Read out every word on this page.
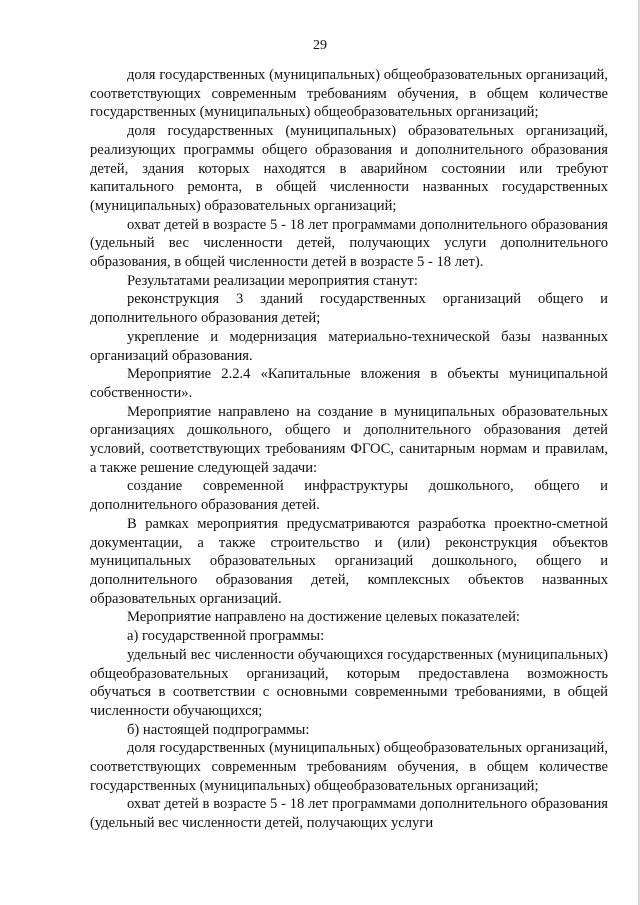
29

доля государственных (муниципальных) общеобразовательных организаций, соответствующих современным требованиям обучения, в общем количестве государственных (муниципальных) общеобразовательных организаций;

доля государственных (муниципальных) образовательных организаций, реализующих программы общего образования и дополнительного образования детей, здания которых находятся в аварийном состоянии или требуют капитального ремонта, в общей численности названных государственных (муниципальных) образовательных организаций;

охват детей в возрасте 5 - 18 лет программами дополнительного образования (удельный вес численности детей, получающих услуги дополнительного образования, в общей численности детей в возрасте 5 - 18 лет).

Результатами реализации мероприятия станут:

реконструкция 3 зданий государственных организаций общего и дополнительного образования детей;

укрепление и модернизация материально-технической базы названных организаций образования.

Мероприятие 2.2.4 «Капитальные вложения в объекты муниципальной собственности».

Мероприятие направлено на создание в муниципальных образовательных организациях дошкольного, общего и дополнительного образования детей условий, соответствующих требованиям ФГОС, санитарным нормам и правилам, а также решение следующей задачи:

создание современной инфраструктуры дошкольного, общего и дополнительного образования детей.

В рамках мероприятия предусматриваются разработка проектно-сметной документации, а также строительство и (или) реконструкция объектов муниципальных образовательных организаций дошкольного, общего и дополнительного образования детей, комплексных объектов названных образовательных организаций.

Мероприятие направлено на достижение целевых показателей:

а) государственной программы:

удельный вес численности обучающихся государственных (муниципальных) общеобразовательных организаций, которым предоставлена возможность обучаться в соответствии с основными современными требованиями, в общей численности обучающихся;

б) настоящей подпрограммы:

доля государственных (муниципальных) общеобразовательных организаций, соответствующих современным требованиям обучения, в общем количестве государственных (муниципальных) общеобразовательных организаций;

охват детей в возрасте 5 - 18 лет программами дополнительного образования (удельный вес численности детей, получающих услуги
